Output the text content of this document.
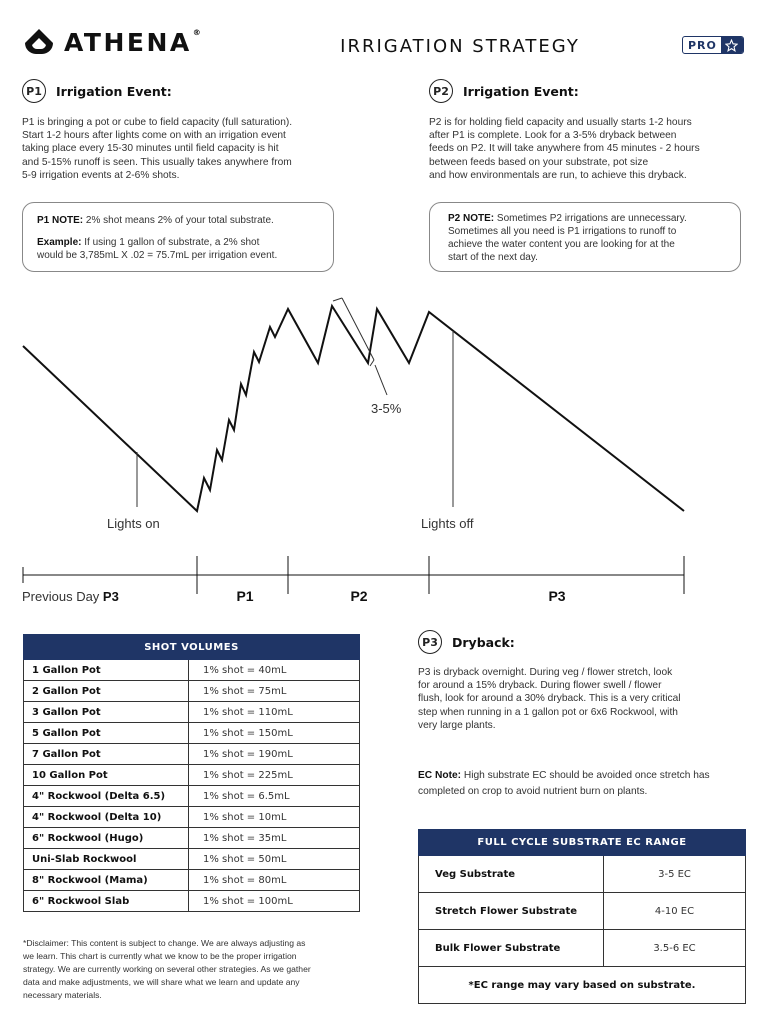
ATHENA®
IRRIGATION STRATEGY	PRO
P1	Irrigation Event:
P1 is bringing a pot or cube to field capacity (full saturation).
Start 1-2 hours after lights come on with an irrigation event
taking place every 15-30 minutes until field capacity is hit
and 5-15% runoff is seen. This usually takes anywhere from
5-9 irrigation events at 2-6% shots.
P1 NOTE: 2% shot means 2% of your total substrate.
Example: If using 1 gallon of substrate, a 2% shot
would be 3,785mL X .02 = 75.7mL per irrigation event.
P2	Irrigation Event:
P2 is for holding field capacity and usually starts 1-2 hours
after P1 is complete. Look for a 3-5% dryback between
feeds on P2. It will take anywhere from 45 minutes - 2 hours
between feeds based on your substrate, pot size
and how environmentals are run, to achieve this dryback.
P2 NOTE: Sometimes P2 irrigations are unnecessary.
Sometimes all you need is P1 irrigations to runoff to
achieve the water content you are looking for at the
start of the next day.
3-5%
Lights on	Lights off
Previous Day P3	P1	P2	P3
SHOT VOLUMES	
1 Gallon Pot	1% shot = 40mL
2 Gallon Pot	1% shot = 75mL
3 Gallon Pot	1% shot = 110mL
5 Gallon Pot	1% shot = 150mL
7 Gallon Pot	1% shot = 190mL
10 Gallon Pot	1% shot = 225mL
4" Rockwool (Delta 6.5)	1% shot = 6.5mL
4" Rockwool (Delta 10)	1% shot = 10mL
6" Rockwool (Hugo)	1% shot = 35mL
Uni-Slab Rockwool	1% shot = 50mL
8" Rockwool (Mama)	1% shot = 80mL
6" Rockwool Slab	1% shot = 100mL
*Disclaimer: This content is subject to change. We are always adjusting as
we learn. This chart is currently what we know to be the proper irrigation
strategy. We are currently working on several other strategies. As we gather
data and make adjustments, we will share what we learn and update any
necessary materials.
P3	Dryback:
P3 is dryback overnight. During veg / flower stretch, look
for around a 15% dryback. During flower swell / flower
flush, look for around a 30% dryback. This is a very critical
step when running in a 1 gallon pot or 6x6 Rockwool, with
very large plants.
EC Note: High substrate EC should be avoided once stretch has
completed on crop to avoid nutrient burn on plants.
FULL CYCLE SUBSTRATE EC RANGE	
Veg Substrate	3-5 EC
Stretch Flower Substrate	4-10 EC
Bulk Flower Substrate	3.5-6 EC
*EC range may vary based on substrate.	
